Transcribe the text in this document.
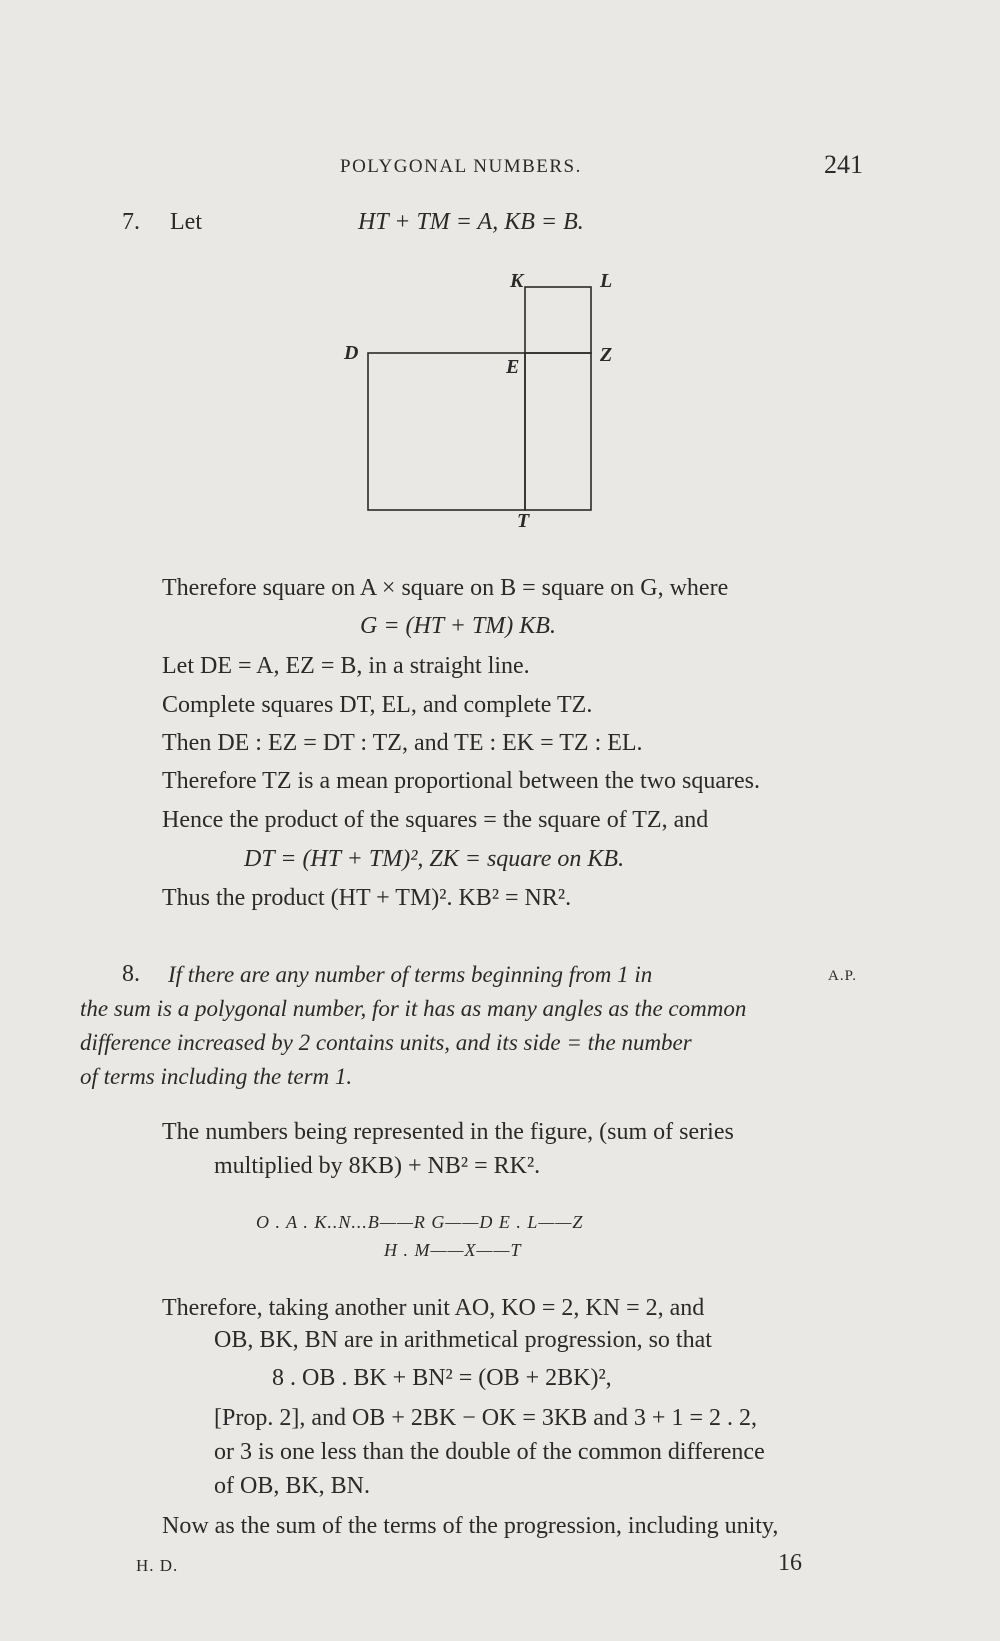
POLYGONAL NUMBERS.	241
7. Let	HT + TM = A, KB = B.
K	L
D
E
Z
T
Therefore square on A × square on B = square on G, where
G = (HT + TM) KB.
Let DE = A, EZ = B, in a straight line.
Complete squares DT, EL, and complete TZ.
Then DE : EZ = DT : TZ, and TE : EK = TZ : EL.
Therefore TZ is a mean proportional between the two squares.
Hence the product of the squares = the square of TZ, and
DT = (HT + TM)², ZK = square on KB.
Thus the product (HT + TM)². KB² = NR².
8. If there are any number of terms beginning from 1 in	A.P.
the sum is a polygonal number, for it has as many angles as the common
difference increased by 2 contains units, and its side = the number
of terms including the term 1.
The numbers being represented in the figure, (sum of series
multiplied by 8KB) + NB² = RK².
O . A . K..N...B——R G——D E . L——Z
H . M——X——T
Therefore, taking another unit AO, KO = 2, KN = 2, and
OB, BK, BN are in arithmetical progression, so that
8 . OB . BK + BN² = (OB + 2BK)²,
[Prop. 2], and OB + 2BK − OK = 3KB and 3 + 1 = 2 . 2,
or 3 is one less than the double of the common difference
of OB, BK, BN.
Now as the sum of the terms of the progression, including unity,
H. D.	16
